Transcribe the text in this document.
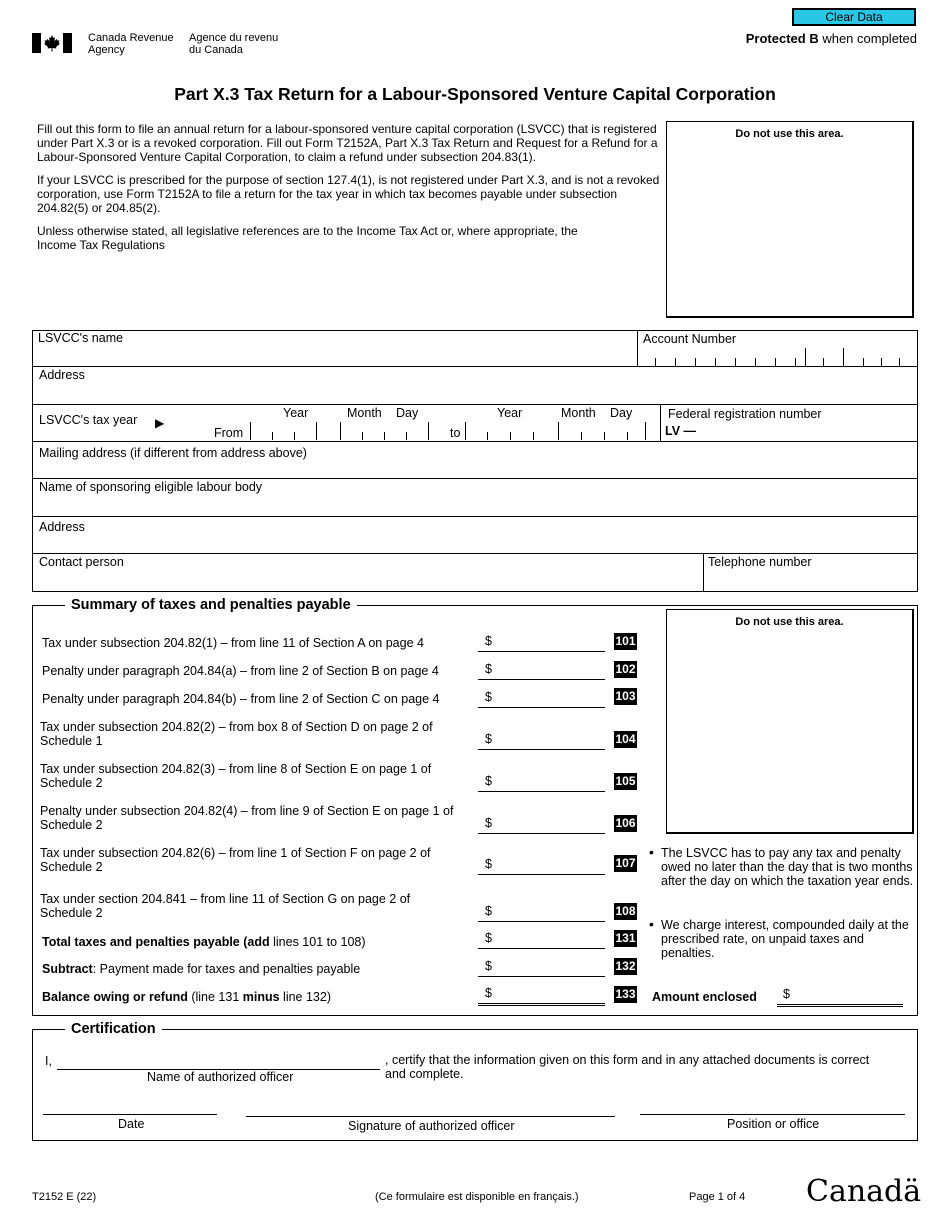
Clear Data
Protected B when completed
Canada Revenue
Agency
Agence du revenu
du Canada
Part X.3 Tax Return for a Labour-Sponsored Venture Capital Corporation

Fill out this form to file an annual return for a labour-sponsored venture capital corporation (LSVCC) that is registered under Part X.3 or is a revoked corporation. Fill out Form T2152A, Part X.3 Tax Return and Request for a Refund for a Labour-Sponsored Venture Capital Corporation, to claim a refund under subsection 204.83(1).

If your LSVCC is prescribed for the purpose of section 127.4(1), is not registered under Part X.3, and is not a revoked corporation, use Form T2152A to file a return for the tax year in which tax becomes payable under subsection 204.82(5) or 204.85(2).

Unless otherwise stated, all legislative references are to the Income Tax Act or, where appropriate, the Income Tax Regulations

Do not use this area.
LSVCC's name	Account Number
Address
LSVCC's tax year ▶
From
Year	Month Day
to
Year	Month Day	Federal registration number
LV —
Mailing address (if different from address above)
Name of sponsoring eligible labour body
Address
Contact person	Telephone number
Summary of taxes and penalties payable
Do not use this area.
Tax under subsection 204.82(1) – from line 11 of Section A on page 4	$	101
Penalty under paragraph 204.84(a) – from line 2 of Section B on page 4	$	102
Penalty under paragraph 204.84(b) – from line 2 of Section C on page 4	$	103
Tax under subsection 204.82(2) – from box 8 of Section D on page 2 of Schedule 1	$	104
Tax under subsection 204.82(3) – from line 8 of Section E on page 1 of Schedule 2	$	105
Penalty under subsection 204.82(4) – from line 9 of Section E on page 1 of Schedule 2	$	106
Tax under subsection 204.82(6) – from line 1 of Section F on page 2 of Schedule 2	$	107
Tax under section 204.841 – from line 11 of Section G on page 2 of Schedule 2	$	108
Total taxes and penalties payable (add lines 101 to 108)	$	131
Subtract: Payment made for taxes and penalties payable	$	132
Balance owing or refund (line 131 minus line 132)	$	133
• The LSVCC has to pay any tax and penalty owed no later than the day that is two months after the day on which the taxation year ends.
• We charge interest, compounded daily at the prescribed rate, on unpaid taxes and penalties.
Amount enclosed $
Certification
I,
Name of authorized officer
, certify that the information given on this form and in any attached documents is correct and complete.
Date	Signature of authorized officer	Position or office
T2152 E (22)	(Ce formulaire est disponible en français.)	Page 1 of 4 Canadä
